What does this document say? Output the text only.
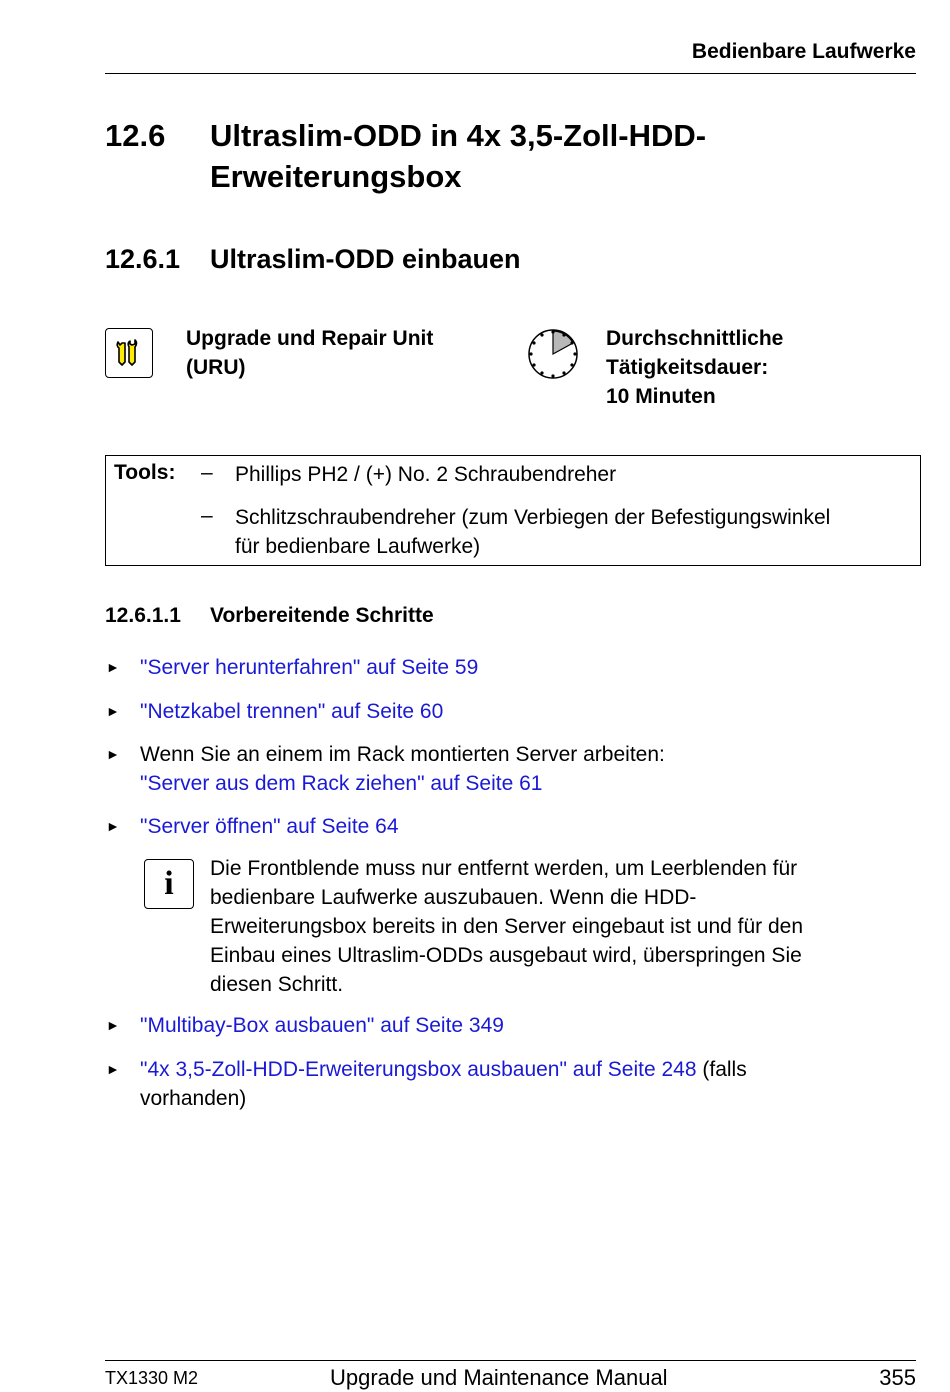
Bedienbare Laufwerke
12.6 Ultraslim-ODD in 4x 3,5-Zoll-HDD-
Erweiterungsbox
12.6.1 Ultraslim-ODD einbauen
Upgrade und Repair Unit
(URU)
Durchschnittliche
Tätigkeitsdauer:
10 Minuten
Tools: – Phillips PH2 / (+) No. 2 Schraubendreher
– Schlitzschraubendreher (zum Verbiegen der Befestigungswinkel
für bedienbare Laufwerke)
12.6.1.1 Vorbereitende Schritte
► "Server herunterfahren" auf Seite 59
► "Netzkabel trennen" auf Seite 60
► Wenn Sie an einem im Rack montierten Server arbeiten:
"Server aus dem Rack ziehen" auf Seite 61
► "Server öffnen" auf Seite 64
i	Die Frontblende muss nur entfernt werden, um Leerblenden für
bedienbare Laufwerke auszubauen. Wenn die HDD-
Erweiterungsbox bereits in den Server eingebaut ist und für den
Einbau eines Ultraslim-ODDs ausgebaut wird, überspringen Sie
diesen Schritt.
► "Multibay-Box ausbauen" auf Seite 349
► "4x 3,5-Zoll-HDD-Erweiterungsbox ausbauen" auf Seite 248 (falls
vorhanden)
TX1330 M2	Upgrade und Maintenance Manual	355
